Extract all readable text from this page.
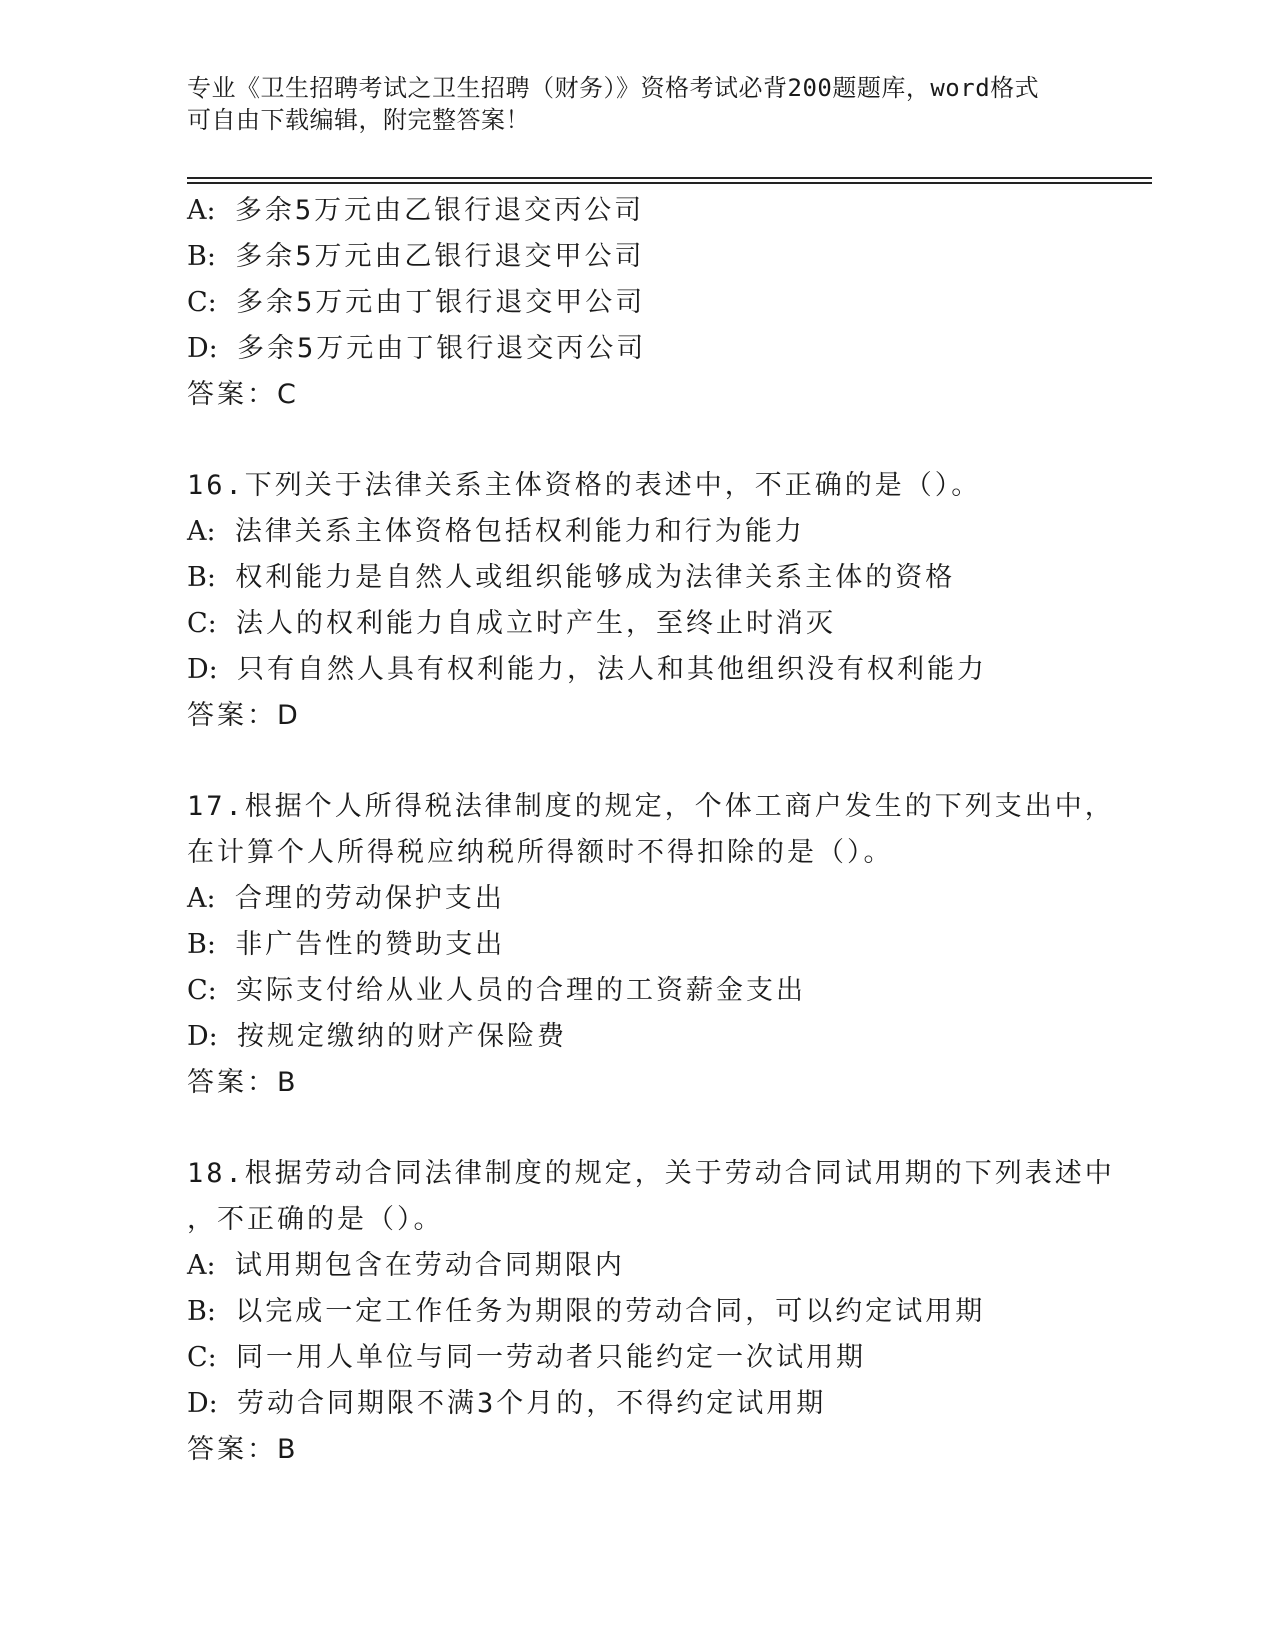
专业《卫生招聘考试之卫生招聘（财务）》资格考试必背200题题库，word格式
可自由下载编辑，附完整答案！
A: 多余5万元由乙银行退交丙公司
B: 多余5万元由乙银行退交甲公司
C: 多余5万元由丁银行退交甲公司
D: 多余5万元由丁银行退交丙公司
答案：C
16.下列关于法律关系主体资格的表述中，不正确的是（）。
A: 法律关系主体资格包括权利能力和行为能力
B: 权利能力是自然人或组织能够成为法律关系主体的资格
C: 法人的权利能力自成立时产生，至终止时消灭
D: 只有自然人具有权利能力，法人和其他组织没有权利能力
答案：D
17.根据个人所得税法律制度的规定，个体工商户发生的下列支出中，
在计算个人所得税应纳税所得额时不得扣除的是（）。
A: 合理的劳动保护支出
B: 非广告性的赞助支出
C: 实际支付给从业人员的合理的工资薪金支出
D: 按规定缴纳的财产保险费
答案：B
18.根据劳动合同法律制度的规定，关于劳动合同试用期的下列表述中
，不正确的是（）。
A: 试用期包含在劳动合同期限内
B: 以完成一定工作任务为期限的劳动合同，可以约定试用期
C: 同一用人单位与同一劳动者只能约定一次试用期
D: 劳动合同期限不满3个月的，不得约定试用期
答案：B
